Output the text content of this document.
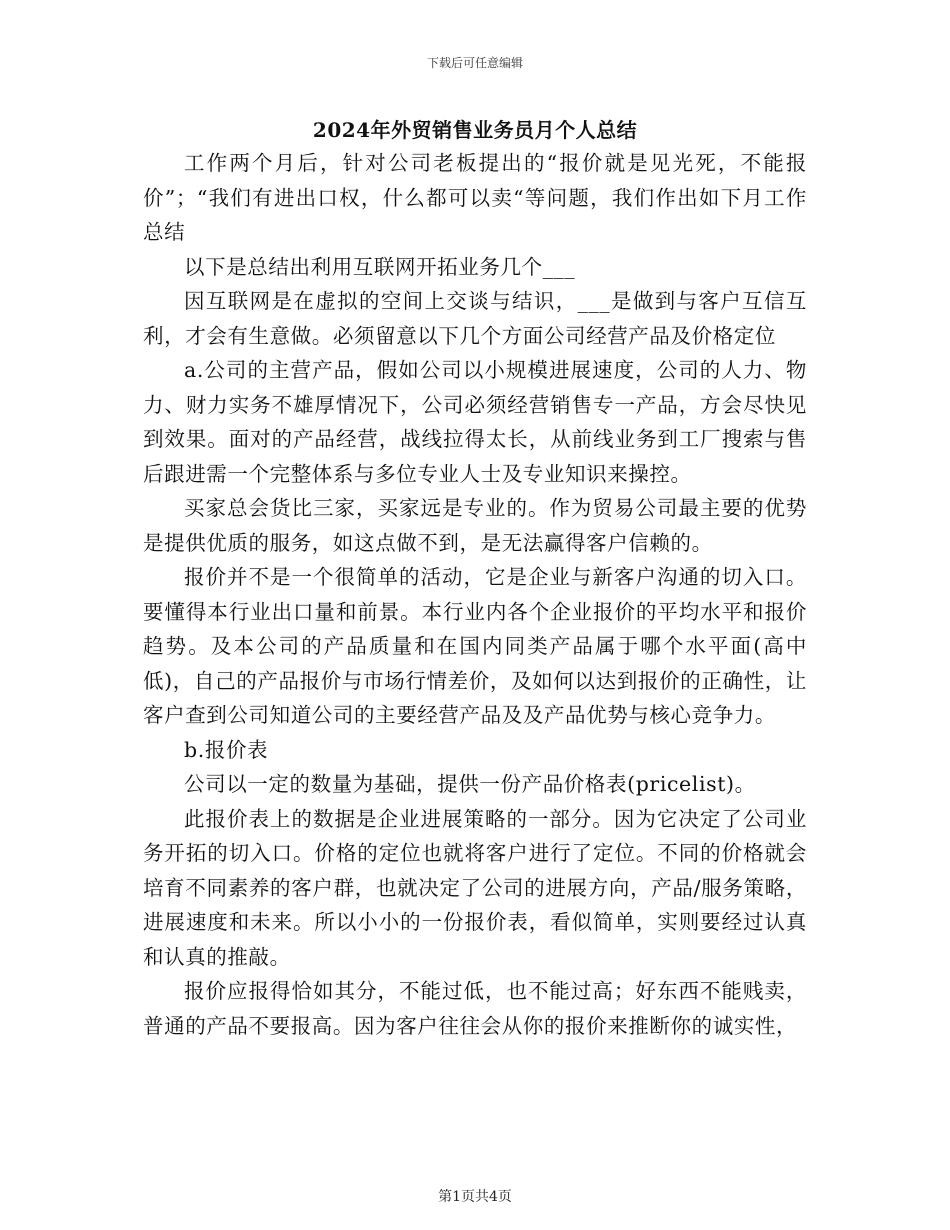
下载后可任意编辑
2024年外贸销售业务员月个人总结

工作两个月后，针对公司老板提出的“报价就是见光死，不能报价”；“我们有进出口权，什么都可以卖“等问题，我们作出如下月工作总结

以下是总结出利用互联网开拓业务几个___

因互联网是在虚拟的空间上交谈与结识，___是做到与客户互信互利，才会有生意做。必须留意以下几个方面公司经营产品及价格定位

a.公司的主营产品，假如公司以小规模进展速度，公司的人力、物力、财力实务不雄厚情况下，公司必须经营销售专一产品，方会尽快见到效果。面对的产品经营，战线拉得太长，从前线业务到工厂搜索与售后跟进需一个完整体系与多位专业人士及专业知识来操控。

买家总会货比三家，买家远是专业的。作为贸易公司最主要的优势是提供优质的服务，如这点做不到，是无法赢得客户信赖的。

报价并不是一个很简单的活动，它是企业与新客户沟通的切入口。要懂得本行业出口量和前景。本行业内各个企业报价的平均水平和报价趋势。及本公司的产品质量和在国内同类产品属于哪个水平面(高中低)，自己的产品报价与市场行情差价，及如何以达到报价的正确性，让客户查到公司知道公司的主要经营产品及及产品优势与核心竞争力。

b.报价表

公司以一定的数量为基础，提供一份产品价格表(pricelist)。

此报价表上的数据是企业进展策略的一部分。因为它决定了公司业务开拓的切入口。价格的定位也就将客户进行了定位。不同的价格就会培育不同素养的客户群，也就决定了公司的进展方向，产品/服务策略，进展速度和未来。所以小小的一份报价表，看似简单，实则要经过认真和认真的推敲。

报价应报得恰如其分，不能过低，也不能过高；好东西不能贱卖，普通的产品不要报高。因为客户往往会从你的报价来推断你的诚实性，

第1页共4页
